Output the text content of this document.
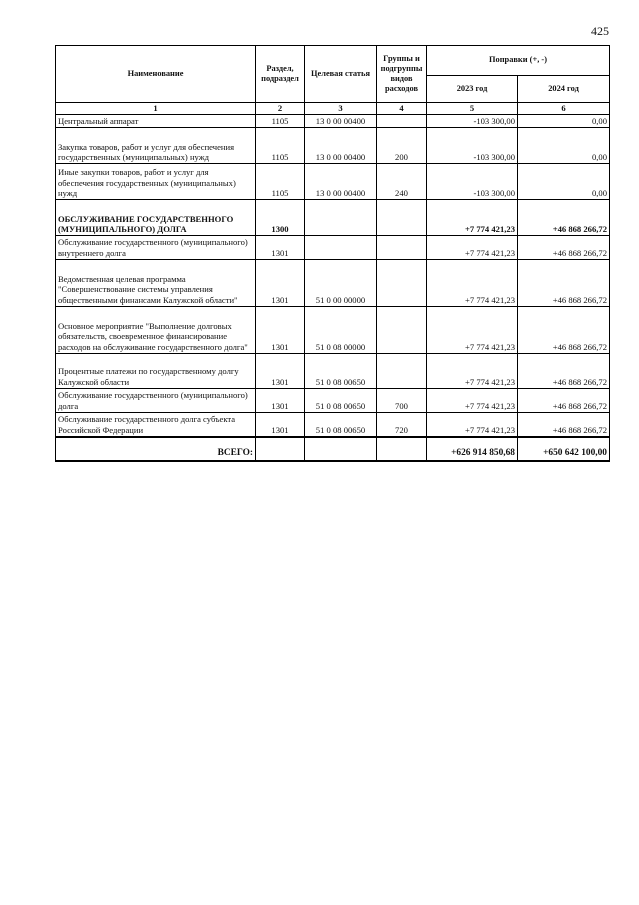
425
Наименование	Раздел, подраздел	Целевая статья	Группы и подгруппы видов расходов	Поправки (+, -)	
				2023 год	2024 год
1	2	3	4	5	6
Центральный аппарат	1105	13 0 00 00400		-103 300,00	0,00
Закупка товаров, работ и услуг для обеспечения государственных (муниципальных) нужд	1105	13 0 00 00400	200	-103 300,00	0,00
Иные закупки товаров, работ и услуг для обеспечения государственных (муниципальных) нужд	1105	13 0 00 00400	240	-103 300,00	0,00
ОБСЛУЖИВАНИЕ ГОСУДАРСТВЕННОГО (МУНИЦИПАЛЬНОГО) ДОЛГА	1300			+7 774 421,23	+46 868 266,72
Обслуживание государственного (муниципального) внутреннего долга	1301			+7 774 421,23	+46 868 266,72
Ведомственная целевая программа "Совершенствование системы управления общественными финансами Калужской области"	1301	51 0 00 00000		+7 774 421,23	+46 868 266,72
Основное мероприятие "Выполнение долговых обязательств, своевременное финансирование расходов на обслуживание государственного долга"	1301	51 0 08 00000		+7 774 421,23	+46 868 266,72
Процентные платежи по государственному долгу Калужской области	1301	51 0 08 00650		+7 774 421,23	+46 868 266,72
Обслуживание государственного (муниципального) долга	1301	51 0 08 00650	700	+7 774 421,23	+46 868 266,72
Обслуживание государственного долга субъекта Российской Федерации	1301	51 0 08 00650	720	+7 774 421,23	+46 868 266,72
ВСЕГО:				+626 914 850,68	+650 642 100,00
